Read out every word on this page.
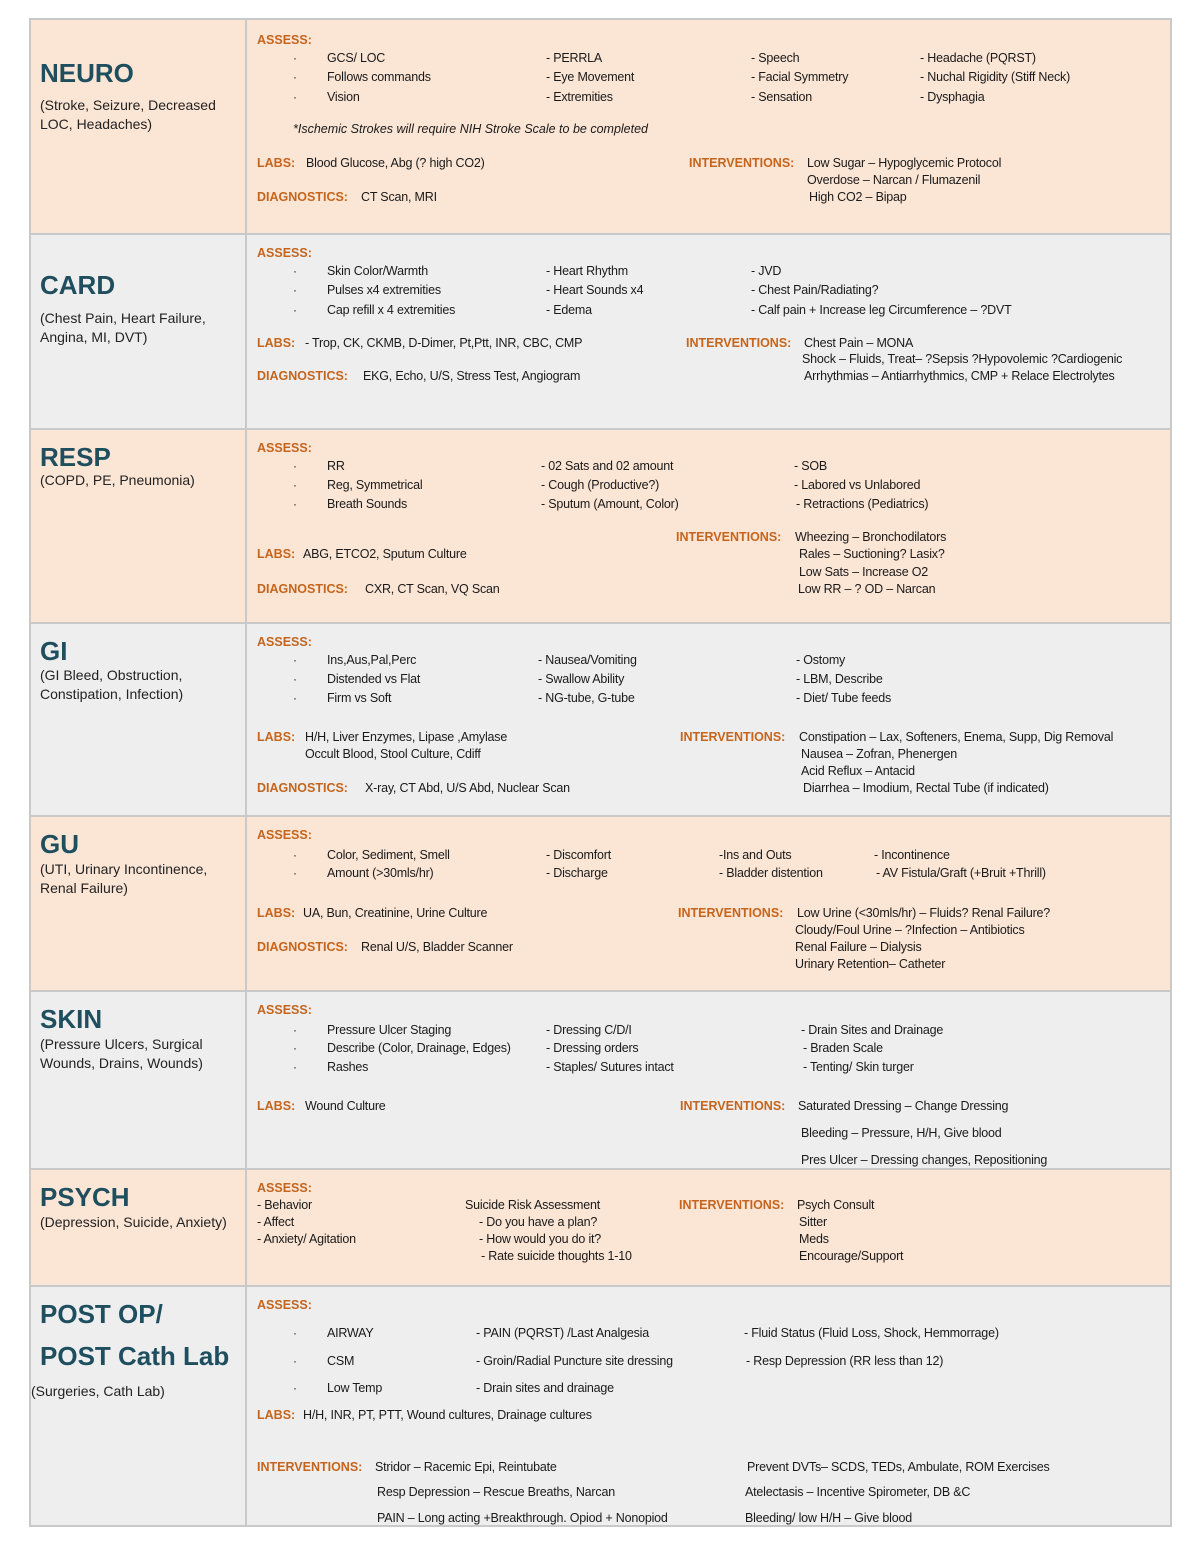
NEURO
(Stroke, Seizure, Decreased LOC, Headaches)
ASSESS:
·
·
·
GCS/ LOC
Follows commands
Vision
- PERRLA
- Eye Movement
- Extremities
- Speech
- Facial Symmetry
- Sensation
- Headache (PQRST)
- Nuchal Rigidity (Stiff Neck)
- Dysphagia
*Ischemic Strokes will require NIH Stroke Scale to be completed
LABS: Blood Glucose, Abg (? high CO2)
DIAGNOSTICS: CT Scan, MRI
INTERVENTIONS: Low Sugar – Hypoglycemic Protocol
Overdose – Narcan / Flumazenil
High CO2 – Bipap
CARD
(Chest Pain, Heart Failure, Angina, MI, DVT)
ASSESS:
·
·
·
Skin Color/Warmth
Pulses x4 extremities
Cap refill x 4 extremities
- Heart Rhythm
- Heart Sounds x4
- Edema
- JVD
- Chest Pain/Radiating?
- Calf pain + Increase leg Circumference – ?DVT
LABS: - Trop, CK, CKMB, D-Dimer, Pt,Ptt, INR, CBC, CMP
DIAGNOSTICS: EKG, Echo, U/S, Stress Test, Angiogram
INTERVENTIONS: Chest Pain – MONA
Shock – Fluids, Treat– ?Sepsis ?Hypovolemic ?Cardiogenic
Arrhythmias – Antiarrhythmics, CMP + Relace Electrolytes
RESP
(COPD, PE, Pneumonia)
ASSESS:
·
·
·
RR
Reg, Symmetrical
Breath Sounds
- 02 Sats and 02 amount
- Cough (Productive?)
- Sputum (Amount, Color)
- SOB
- Labored vs Unlabored
- Retractions (Pediatrics)
LABS: ABG, ETCO2, Sputum Culture
DIAGNOSTICS: CXR, CT Scan, VQ Scan
INTERVENTIONS: Wheezing – Bronchodilators
Rales – Suctioning? Lasix?
Low Sats – Increase O2
Low RR – ? OD – Narcan
GI
(GI Bleed, Obstruction, Constipation, Infection)
ASSESS:
·
·
·
Ins,Aus,Pal,Perc
Distended vs Flat
Firm vs Soft
- Nausea/Vomiting
- Swallow Ability
- NG-tube, G-tube
- Ostomy
- LBM, Describe
- Diet/ Tube feeds
LABS: H/H, Liver Enzymes, Lipase ,Amylase
Occult Blood, Stool Culture, Cdiff
DIAGNOSTICS: X-ray, CT Abd, U/S Abd, Nuclear Scan
INTERVENTIONS: Constipation – Lax, Softeners, Enema, Supp, Dig Removal
Nausea – Zofran, Phenergen
Acid Reflux – Antacid
Diarrhea – Imodium, Rectal Tube (if indicated)
GU
(UTI, Urinary Incontinence, Renal Failure)
ASSESS:
·
·
Color, Sediment, Smell
Amount (>30mls/hr)
- Discomfort
- Discharge
-Ins and Outs
- Bladder distention
- Incontinence
- AV Fistula/Graft (+Bruit +Thrill)
LABS: UA, Bun, Creatinine, Urine Culture
DIAGNOSTICS: Renal U/S, Bladder Scanner
INTERVENTIONS: Low Urine (<30mls/hr) – Fluids? Renal Failure?
Cloudy/Foul Urine – ?Infection – Antibiotics
Renal Failure – Dialysis
Urinary Retention– Catheter
SKIN
(Pressure Ulcers, Surgical Wounds, Drains, Wounds)
ASSESS:
·
·
·
Pressure Ulcer Staging
Describe (Color, Drainage, Edges)
Rashes
- Dressing C/D/I
- Dressing orders
- Staples/ Sutures intact
- Drain Sites and Drainage
- Braden Scale
- Tenting/ Skin turger
LABS: Wound Culture	INTERVENTIONS: Saturated Dressing – Change Dressing
Bleeding – Pressure, H/H, Give blood
Pres Ulcer – Dressing changes, Repositioning
PSYCH
(Depression, Suicide, Anxiety)
ASSESS:
- Behavior
- Affect
- Anxiety/ Agitation
Suicide Risk Assessment
- Do you have a plan?
- How would you do it?
- Rate suicide thoughts 1-10
INTERVENTIONS: Psych Consult
Sitter
Meds
Encourage/Support
POST OP/
POST Cath Lab
(Surgeries, Cath Lab)
ASSESS:
·
·
·
AIRWAY
CSM
Low Temp
- PAIN (PQRST) /Last Analgesia
- Groin/Radial Puncture site dressing
- Drain sites and drainage
- Fluid Status (Fluid Loss, Shock, Hemmorrage)
- Resp Depression (RR less than 12)
LABS: H/H, INR, PT, PTT, Wound cultures, Drainage cultures
INTERVENTIONS: Stridor – Racemic Epi, Reintubate
Resp Depression – Rescue Breaths, Narcan
PAIN – Long acting +Breakthrough. Opiod + Nonopiod
Prevent DVTs– SCDS, TEDs, Ambulate, ROM Exercises
Atelectasis – Incentive Spirometer, DB &C
Bleeding/ low H/H – Give blood
